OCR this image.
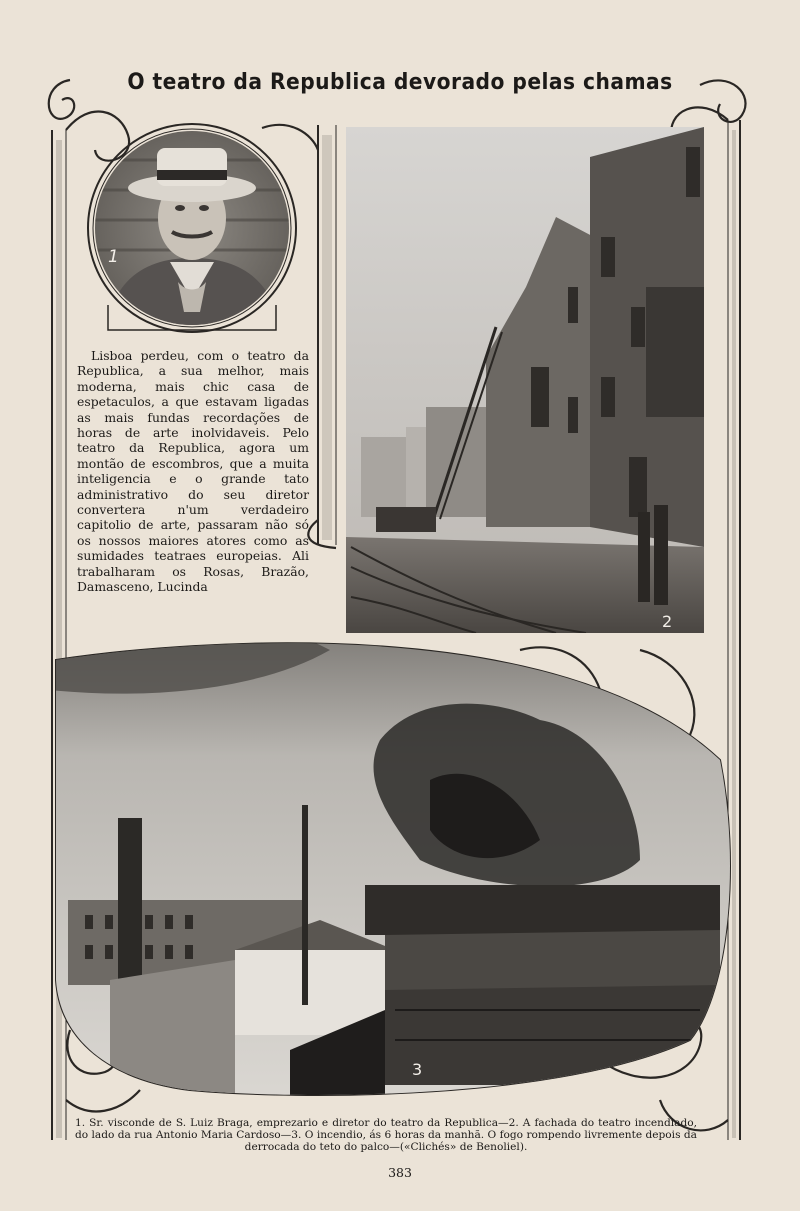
O teatro da Republica devorado pelas chamas
1
2
3
Lisboa perdeu, com o teatro da Republica, a sua melhor, mais moderna, mais chic casa de espetaculos, a que estavam ligadas as mais fundas recordações de horas de arte inolvidaveis. Pelo teatro da Republica, agora um montão de escombros, que a muita inteligencia e o grande tato administrativo do seu diretor convertera n'um verdadeiro capitolio de arte, passaram não só os nossos maiores atores como as sumidades teatraes europeias. Ali trabalharam os Rosas, Brazão, Damasceno, Lucinda
1. Sr. visconde de S. Luiz Braga, emprezario e diretor do teatro da Republica—2. A fachada do teatro incendiado, do lado da rua Antonio Maria Cardoso—3. O incendio, ás 6 horas da manhã. O fogo rompendo livremente depois da derrocada do teto do palco—(«Clichés» de Benoliel).
383
